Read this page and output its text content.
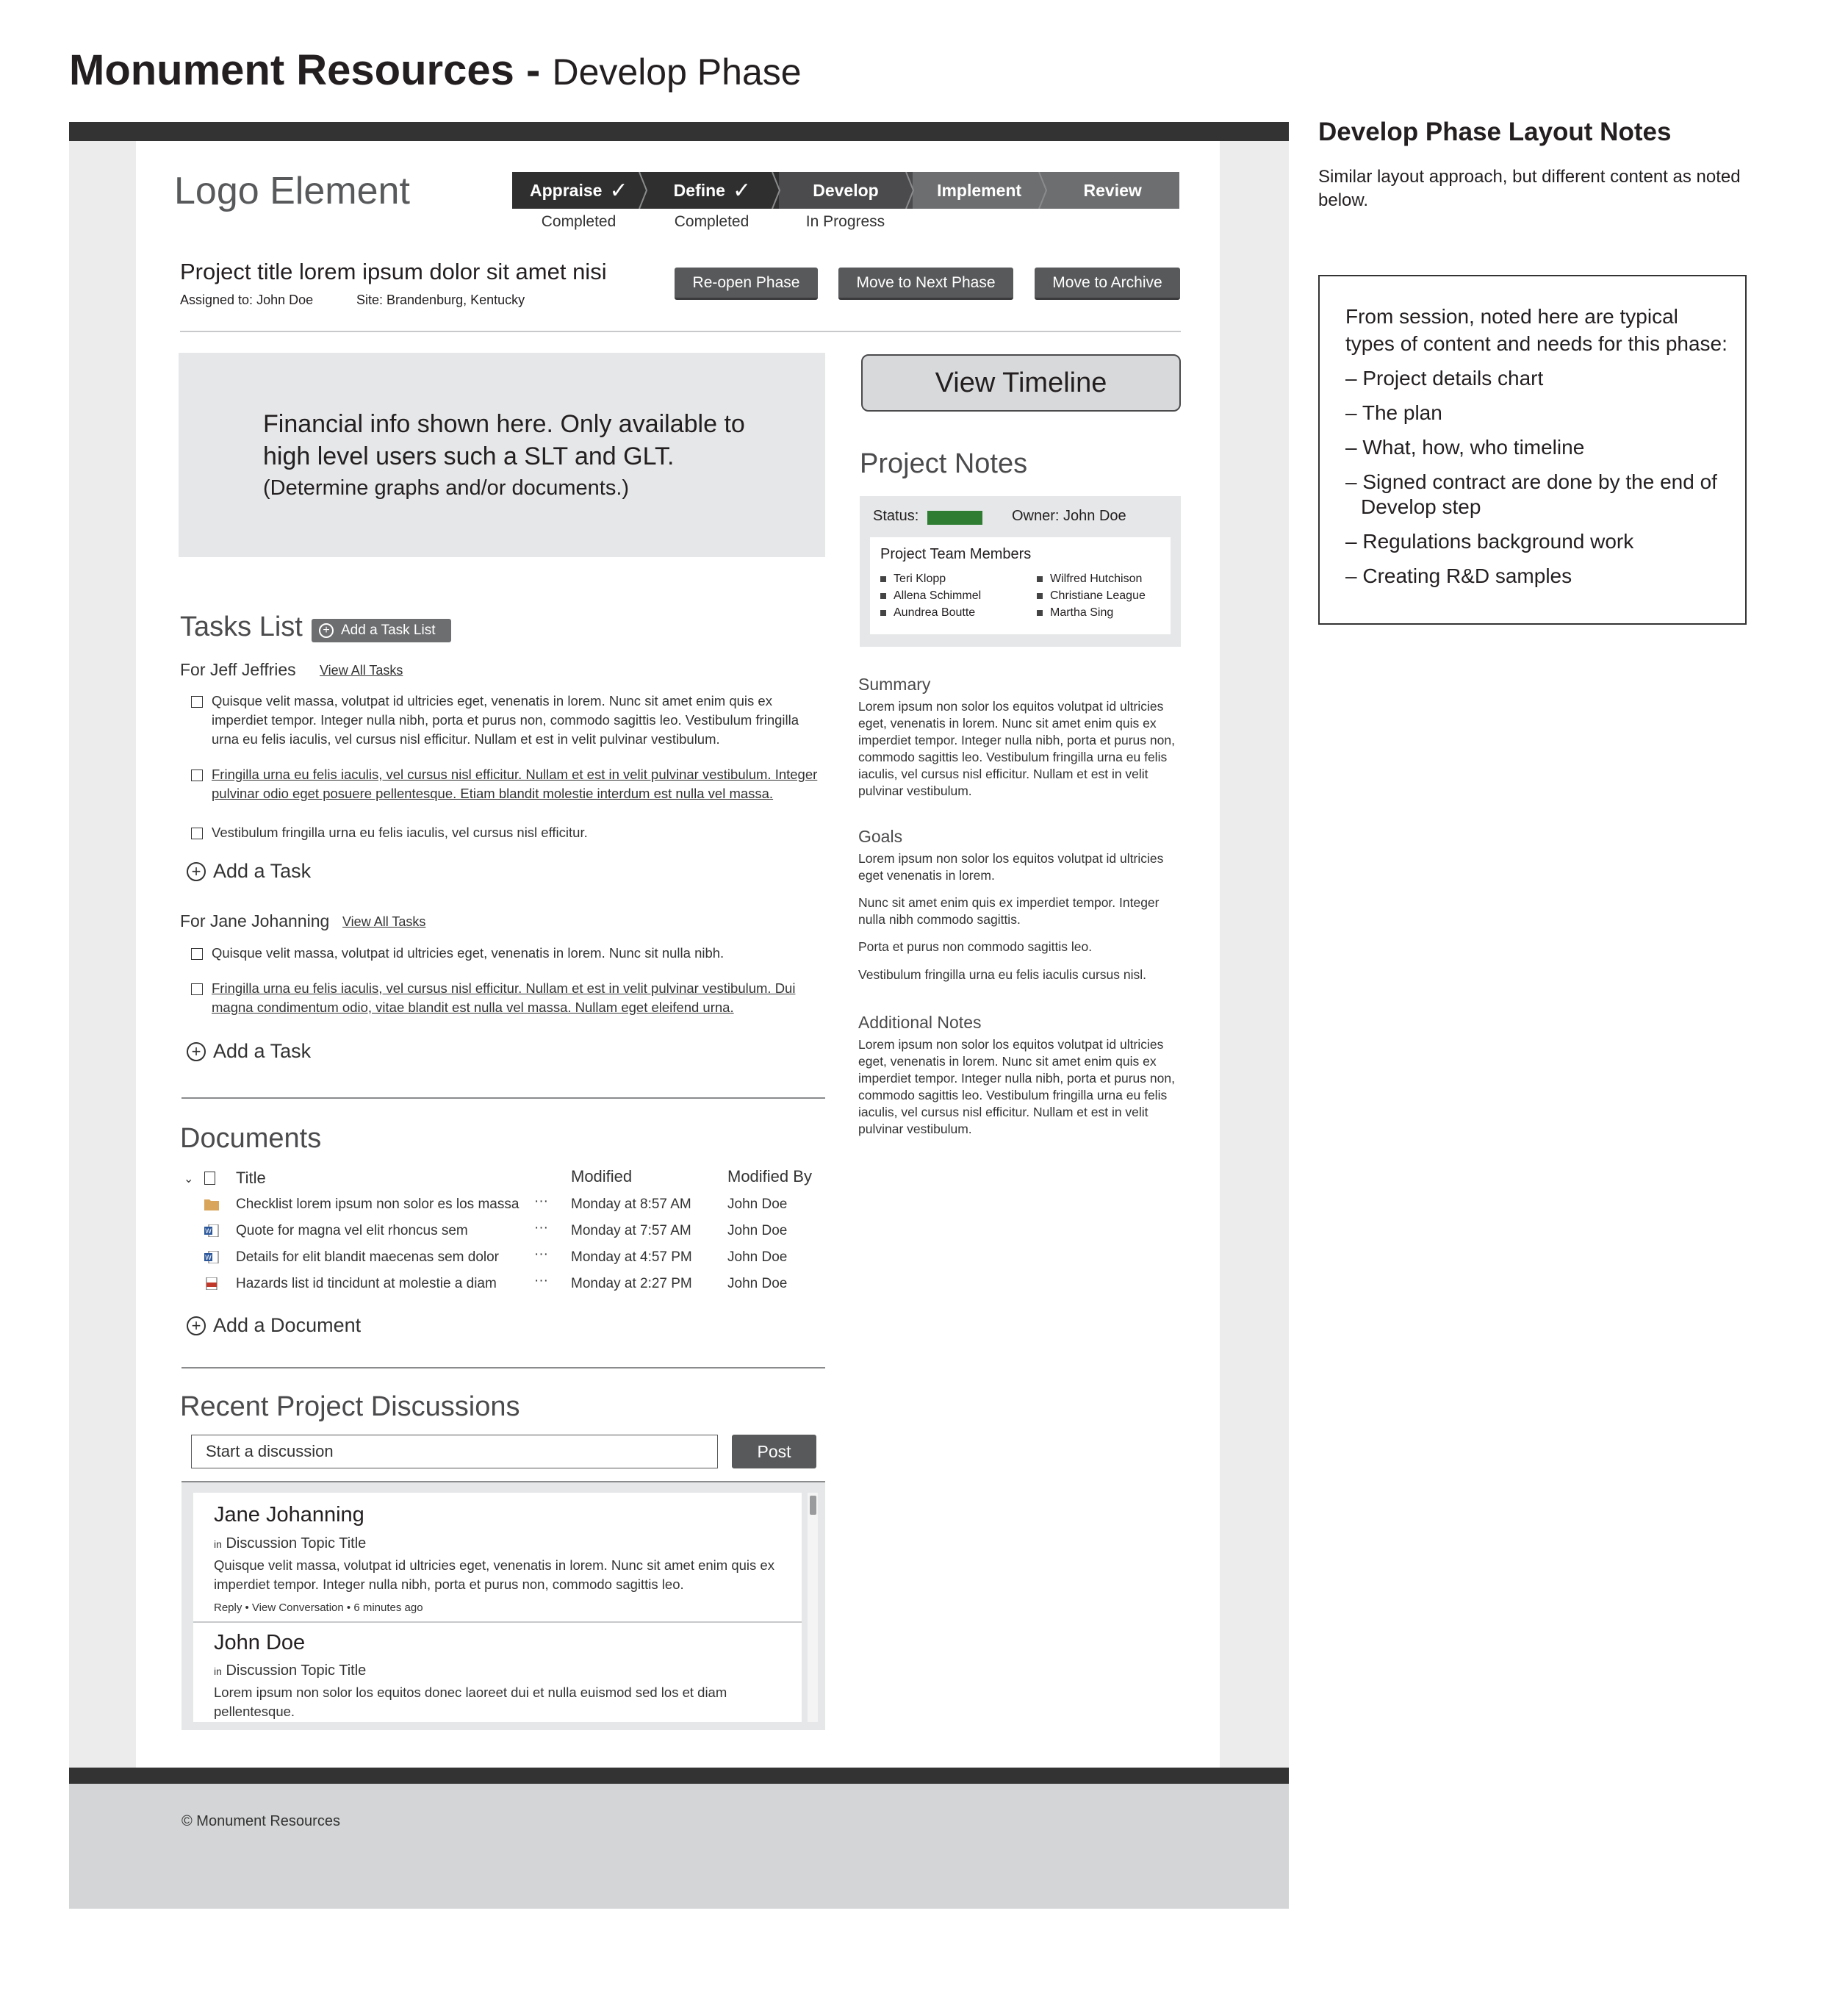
Monument Resources - Develop Phase
© Monument Resources
Logo Element	Appraise ✓	Define ✓	Develop	Implement	Review
Completed	Completed	In Progress
Project title lorem ipsum dolor sit amet nisi
Assigned to: John Doe	Site: Brandenburg, Kentucky
Re-open Phase	Move to Next Phase	Move to Archive
Financial info shown here. Only available to high level users such a SLT and GLT.
(Determine graphs and/or documents.)
View Timeline
Project Notes
Status:	Owner: John Doe
Project Team Members
Teri Klopp
Allena Schimmel
Aundrea Boutte
Wilfred Hutchison
Christiane League
Martha Sing
Summary
Lorem ipsum non solor los equitos volutpat id ultricies eget, venenatis in lorem. Nunc sit amet enim quis ex imperdiet tempor. Integer nulla nibh, porta et purus non, commodo sagittis leo. Vestibulum fringilla urna eu felis iaculis, vel cursus nisl efficitur. Nullam et est in velit pulvinar vestibulum.
Goals
Lorem ipsum non solor los equitos volutpat id ultricies eget venenatis in lorem.
Nunc sit amet enim quis ex imperdiet tempor. Integer nulla nibh commodo sagittis.
Porta et purus non commodo sagittis leo.
Vestibulum fringilla urna eu felis iaculis cursus nisl.
Additional Notes
Lorem ipsum non solor los equitos volutpat id ultricies eget, venenatis in lorem. Nunc sit amet enim quis ex imperdiet tempor. Integer nulla nibh, porta et purus non, commodo sagittis leo. Vestibulum fringilla urna eu felis iaculis, vel cursus nisl efficitur. Nullam et est in velit pulvinar vestibulum.
Tasks List	+ Add a Task List
For Jeff Jeffries View All Tasks
Quisque velit massa, volutpat id ultricies eget, venenatis in lorem. Nunc sit amet enim quis ex imperdiet tempor. Integer nulla nibh, porta et purus non, commodo sagittis leo. Vestibulum fringilla urna eu felis iaculis, vel cursus nisl efficitur. Nullam et est in velit pulvinar vestibulum.
Fringilla urna eu felis iaculis, vel cursus nisl efficitur. Nullam et est in velit pulvinar vestibulum. Integer pulvinar odio eget posuere pellentesque. Etiam blandit molestie interdum est nulla vel massa.
Vestibulum fringilla urna eu felis iaculis, vel cursus nisl efficitur.
+ Add a Task
For Jane Johanning View All Tasks
Quisque velit massa, volutpat id ultricies eget, venenatis in lorem. Nunc sit nulla nibh.
Fringilla urna eu felis iaculis, vel cursus nisl efficitur. Nullam et est in velit pulvinar vestibulum. Dui magna condimentum odio, vitae blandit est nulla vel massa. Nullam eget eleifend urna.
+ Add a Task
Documents
⌄	Title	Modified	Modified By
Checklist lorem ipsum non solor es los massa ··· Monday at 8:57 AM	John Doe
W Quote for magna vel elit rhoncus sem	··· Monday at 7:57 AM	John Doe
W Details for elit blandit maecenas sem dolor	··· Monday at 4:57 PM	John Doe
Hazards list id tincidunt at molestie a diam	··· Monday at 2:27 PM	John Doe
+ Add a Document
Recent Project Discussions
Start a discussion	Post
Jane Johanning
in Discussion Topic Title
Quisque velit massa, volutpat id ultricies eget, venenatis in lorem. Nunc sit amet enim quis ex imperdiet tempor. Integer nulla nibh, porta et purus non, commodo sagittis leo.
Reply • View Conversation • 6 minutes ago
John Doe
in Discussion Topic Title
Lorem ipsum non solor los equitos donec laoreet dui et nulla euismod sed los et diam pellentesque.
Develop Phase Layout Notes
Similar layout approach, but different content as noted below.
From session, noted here are typical types of content and needs for this phase:
– Project details chart
– The plan
– What, how, who timeline
– Signed contract are done by the end of Develop step
– Regulations background work
– Creating R&D samples
